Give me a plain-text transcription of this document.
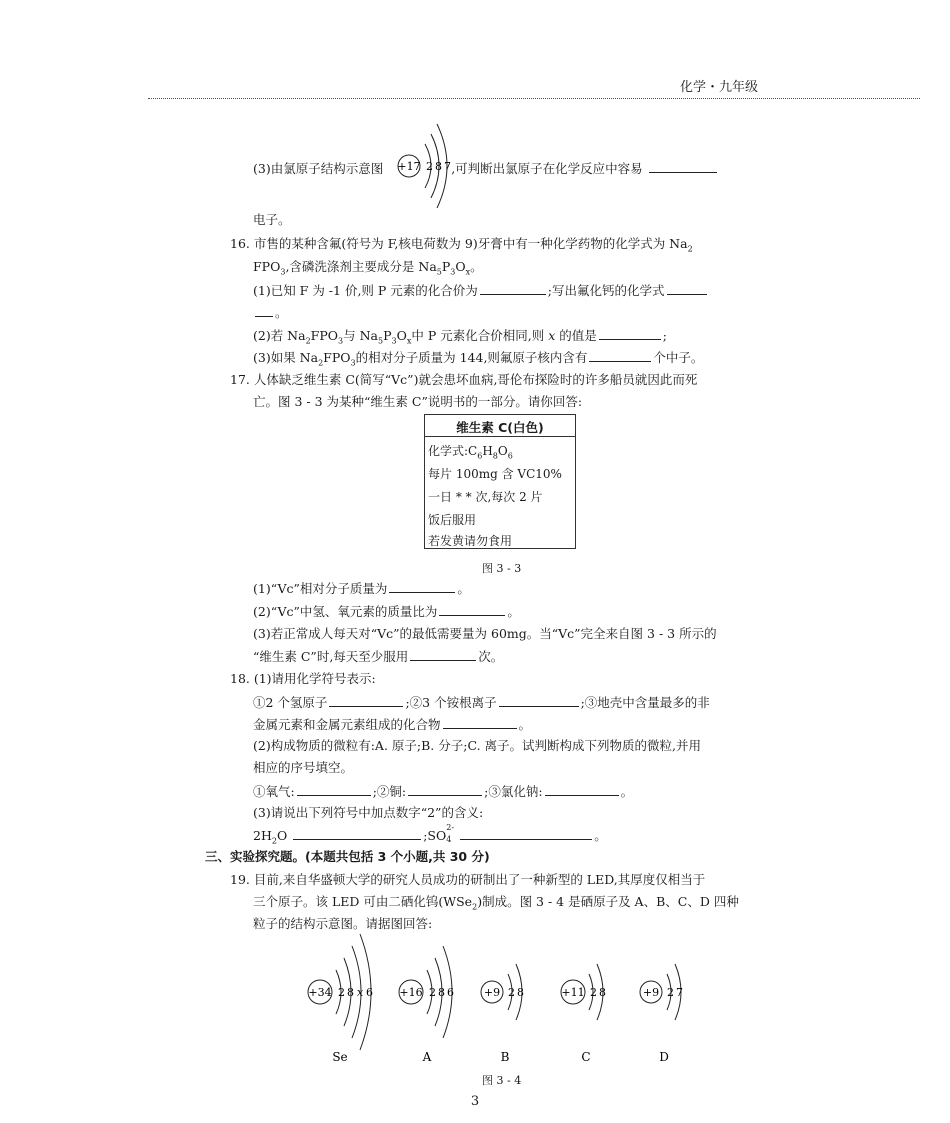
化学・九年级
(3)由氯原子结构示意图	,可判断出氯原子在化学反应中容易
+17 2 8 7
电子。
16. 市售的某种含氟(符号为 F,核电荷数为 9)牙膏中有一种化学药物的化学式为 $Na_2$
$FPO_3$,含磷洗涤剂主要成分是 $Na_5P_3O_x$。
(1)已知 F 为 -1 价,则 P 元素的化合价为	;写出氟化钙的化学式
。
(2)若 $Na_2FPO_3$与 $Na_5P_3O_x$中 P 元素化合价相同,则 x 的值是	;
(3)如果 $Na_2FPO_3$的相对分子质量为 144,则氟原子核内含有	个中子。
17. 人体缺乏维生素 C(简写“Vc”)就会患坏血病,哥伦布探险时的许多船员就因此而死
亡。图 3 - 3 为某种“维生素 C”说明书的一部分。请你回答:
维生素 C(白色)
化学式$:C_6H_8O_6$
每片 100mg 含 VC10%
一日 * * 次,每次 2 片
饭后服用
若发黄请勿食用
图 3 - 3
(1)“Vc”相对分子质量为	。
(2)“Vc”中氢、氧元素的质量比为	。
(3)若正常成人每天对“Vc”的最低需要量为 60mg。当“Vc”完全来自图 3 - 3 所示的
“维生素 C”时,每天至少服用	次。
18. (1)请用化学符号表示:
①2 个氢原子	;②3 个铵根离子	;③地壳中含量最多的非
金属元素和金属元素组成的化合物	。
(2)构成物质的微粒有:A. 原子;B. 分子;C. 离子。试判断构成下列物质的微粒,并用
相应的序号填空。
①氧气:	;②铜:	;③氯化钠:	。
(3)请说出下列符号中加点数字“2”的含义:
$2H_2O$	;SO
2-
4	。
三、实验探究题。(本题共包括 3 个小题,共 30 分)
19. 目前,来自华盛顿大学的研究人员成功的研制出了一种新型的 LED,其厚度仅相当于
三个原子。该 LED 可由二硒化钨(WSe$_2$)制成。图 3 - 4 是硒原子及 A、B、C、D 四种
粒子的结构示意图。请据图回答:
+34 2 8 x 6
Se
+16 2 8 6
A
+9 2 8
B
+11 2 8
C
+9 2 7
D
图 3 - 4
3
